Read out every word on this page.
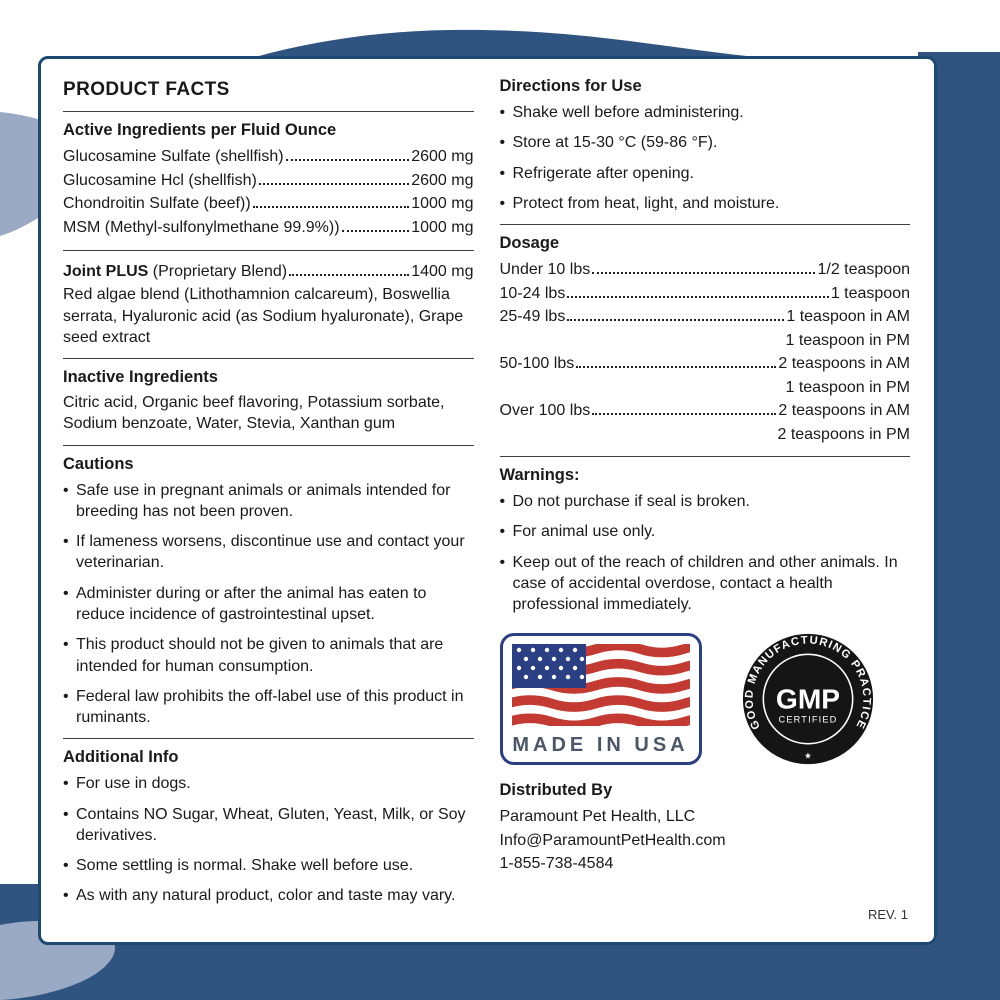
PRODUCT FACTS
Active Ingredients per Fluid Ounce
Glucosamine Sulfate (shellfish)	2600 mg
Glucosamine Hcl (shellfish)	2600 mg
Chondroitin Sulfate (beef))	1000 mg
MSM (Methyl-sulfonylmethane 99.9%))	1000 mg
Joint PLUS (Proprietary Blend)	1400 mg

Red algae blend (Lithothamnion calcareum), Boswellia serrata, Hyaluronic acid (as Sodium hyaluronate), Grape seed extract

Inactive Ingredients

Citric acid, Organic beef flavoring, Potassium sorbate, Sodium benzoate, Water, Stevia, Xanthan gum

Cautions
• Safe use in pregnant animals or animals intended for breeding has not been proven.
• If lameness worsens, discontinue use and contact your veterinarian.
• Administer during or after the animal has eaten to reduce incidence of gastrointestinal upset.
• This product should not be given to animals that are intended for human consumption.
• Federal law prohibits the off-label use of this product in ruminants.
Additional Info
• For use in dogs.
• Contains NO Sugar, Wheat, Gluten, Yeast, Milk, or Soy derivatives.
• Some settling is normal. Shake well before use.
• As with any natural product, color and taste may vary.
Directions for Use
• Shake well before administering.
• Store at 15-30 °C (59-86 °F).
• Refrigerate after opening.
• Protect from heat, light, and moisture.
Dosage
Under 10 lbs	1/2 teaspoon
10-24 lbs	1 teaspoon
25-49 lbs	1 teaspoon in AM
1 teaspoon in PM
50-100 lbs	2 teaspoons in AM
1 teaspoon in PM
Over 100 lbs	2 teaspoons in AM
2 teaspoons in PM
Warnings:
• Do not purchase if seal is broken.
• For animal use only.
• Keep out of the reach of children and other animals. In case of accidental overdose, contact a health professional immediately.
MADE IN USA
GOOD MANUFACTURING PRACTICE
GMP
CERTIFIED
★
Distributed By
Paramount Pet Health, LLC
Info@ParamountPetHealth.com
1-855-738-4584
REV. 1
